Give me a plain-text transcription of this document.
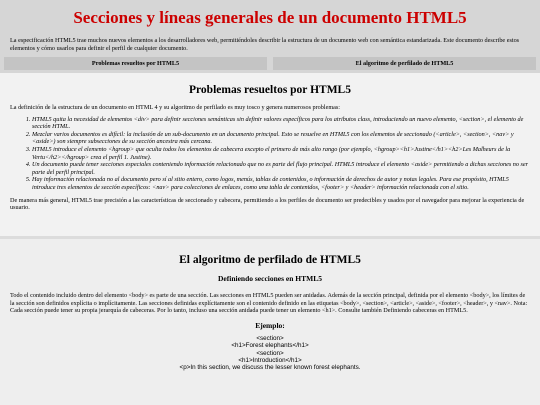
Secciones y líneas generales de un documento HTML5

La especificación HTML5 trae muchos nuevos elementos a los desarrolladores web, permitiéndoles describir la estructura de un documento web con semántica estandarizada. Este documento describe estos elementos y cómo usarlos para definir el perfil de cualquier documento.

Problemas resueltos por HTML5	El algoritmo de perfilado de HTML5
Problemas resueltos por HTML5

La definición de la estructura de un documento en HTML 4 y su algoritmo de perfilado es muy tosco y genera numerosos problemas:

1. HTML5 quita la necesidad de elementos <div> para definir secciones semánticas sin definir valores específicos para los atributos class, introduciendo un nuevo elemento, <section>, el elemento de sección HTML.
2. Mezclar varios documentos es difícil: la inclusión de un sub-documento en un documento principal. Esto se resuelve en HTML5 con los elementos de seccionado (<article>, <section>, <nav> y <aside>) son siempre subsecciones de su sección ancestra más cercana.
3. HTML5 introduce el elemento <hgroup> que oculta todos los elementos de cabecera excepto el primero de más alto rango (por ejemplo, <hgroup><h1>Justine</h1><h2>Les Malheurs de la Vertu</h2></hgroup> crea el perfil 1. Justine).
4. Un documento puede tener secciones especiales conteniendo información relacionado que no es parte del flujo principal. HTML5 introduce el elemento <aside> permitiendo a dichas secciones no ser parte del perfil principal.
5. Hay información relacionada no al documento pero sí al sitio entero, como logos, menús, tablas de contenidos, o información de derechos de autor y notas legales. Para ese propósito, HTML5 introduce tres elementos de sección específicos: <nav> para colecciones de enlaces, como una tabla de contenidos, <footer> y <header> información relacionada con el sitio.

De manera más general, HTML5 trae precisión a las características de seccionado y cabecera, permitiendo a los perfiles de documento ser predecibles y usados por el navegador para mejorar la experiencia de usuario.

El algoritmo de perfilado de HTML5
Definiendo secciones en HTML5

Todo el contenido incluido dentro del elemento <body> es parte de una sección. Las secciones en HTML5 pueden ser anidadas. Además de la sección principal, definida por el elemento <body>, los límites de la sección son definidos explícita o implícitamente. Las secciones definidas explícitamente son el contenido definido en las etiquetas <body>, <section>, <article>, <aside>, <footer>, <header>, y <nav>. Nota: Cada sección puede tener su propia jerarquía de cabeceras. Por lo tanto, incluso una sección anidada puede tener un elemento <h1>. Consulte también Definiendo cabeceras en HTML5.

Ejemplo:
<section>
<h1>Forest elephants</h1>
<section>
<h1>Introduction</h1>
<p>In this section, we discuss the lesser known forest elephants.
